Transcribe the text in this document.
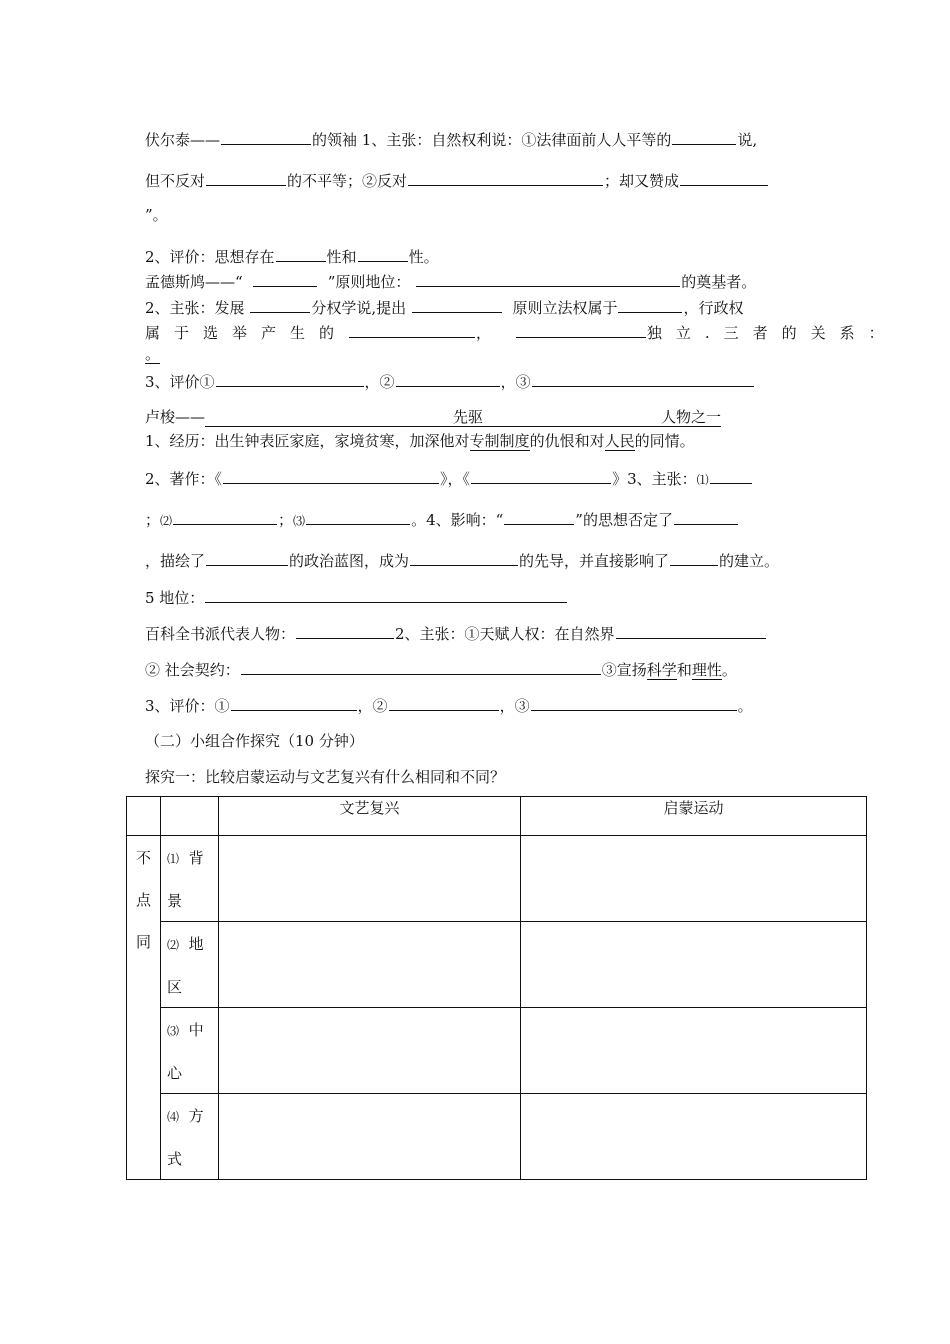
伏尔泰——	的领袖 1、主张：自然权利说：①法律面前人人平等的	说,
但不反对	的不平等；②反对	；却又赞成
”。
2、评价：思想存在	性和	性。
孟德斯鸠——“	”原则地位：	的奠基者。
2、主张：发展	分权学说,提出	原则立法权属于	，行政权
属于选举产生的	，	独立.三者的关系：
。
3、评价①	，②	，③
卢梭——	先驱	人物之一
1、经历：出生钟表匠家庭，家境贫寒，加深他对专制制度的仇恨和对人民的同情。
2、著作：《	》，《	》3、主张：⑴
；⑵	；⑶	。4、影响：“	”的思想否定了
，描绘了	的政治蓝图，成为	的先导，并直接影响了	的建立。
5 地位：
百科全书派代表人物：	2、主张：①天赋人权：在自然界
② 社会契约：	③宣扬科学和理性。
3、评价：①	，②	，③	。
（二）小组合作探究（10 分钟）
探究一：比较启蒙运动与文艺复兴有什么相同和不同？
		文艺复兴	启蒙运动

不
点
同	⑴ 背
景		

	⑵ 地
区		

	⑶ 中
心		

	⑷ 方
式		
